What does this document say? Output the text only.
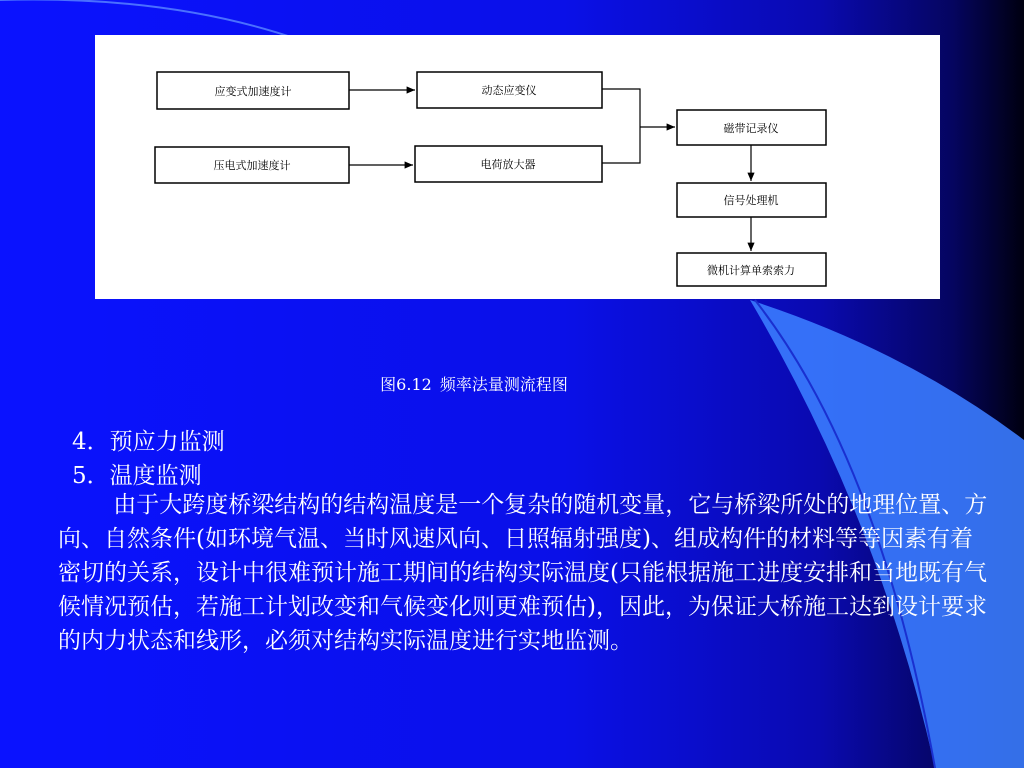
应变式加速度计	动态应变仪
压电式加速度计	电荷放大器
磁带记录仪
信号处理机
微机计算单索索力
图6.12 频率法量测流程图
4．预应力监测
5．温度监测

由于大跨度桥梁结构的结构温度是一个复杂的随机变量，它与桥梁所处的地理位置、方向、自然条件(如环境气温、当时风速风向、日照辐射强度)、组成构件的材料等等因素有着密切的关系，设计中很难预计施工期间的结构实际温度(只能根据施工进度安排和当地既有气候情况预估，若施工计划改变和气候变化则更难预估)，因此，为保证大桥施工达到设计要求的内力状态和线形，必须对结构实际温度进行实地监测。
